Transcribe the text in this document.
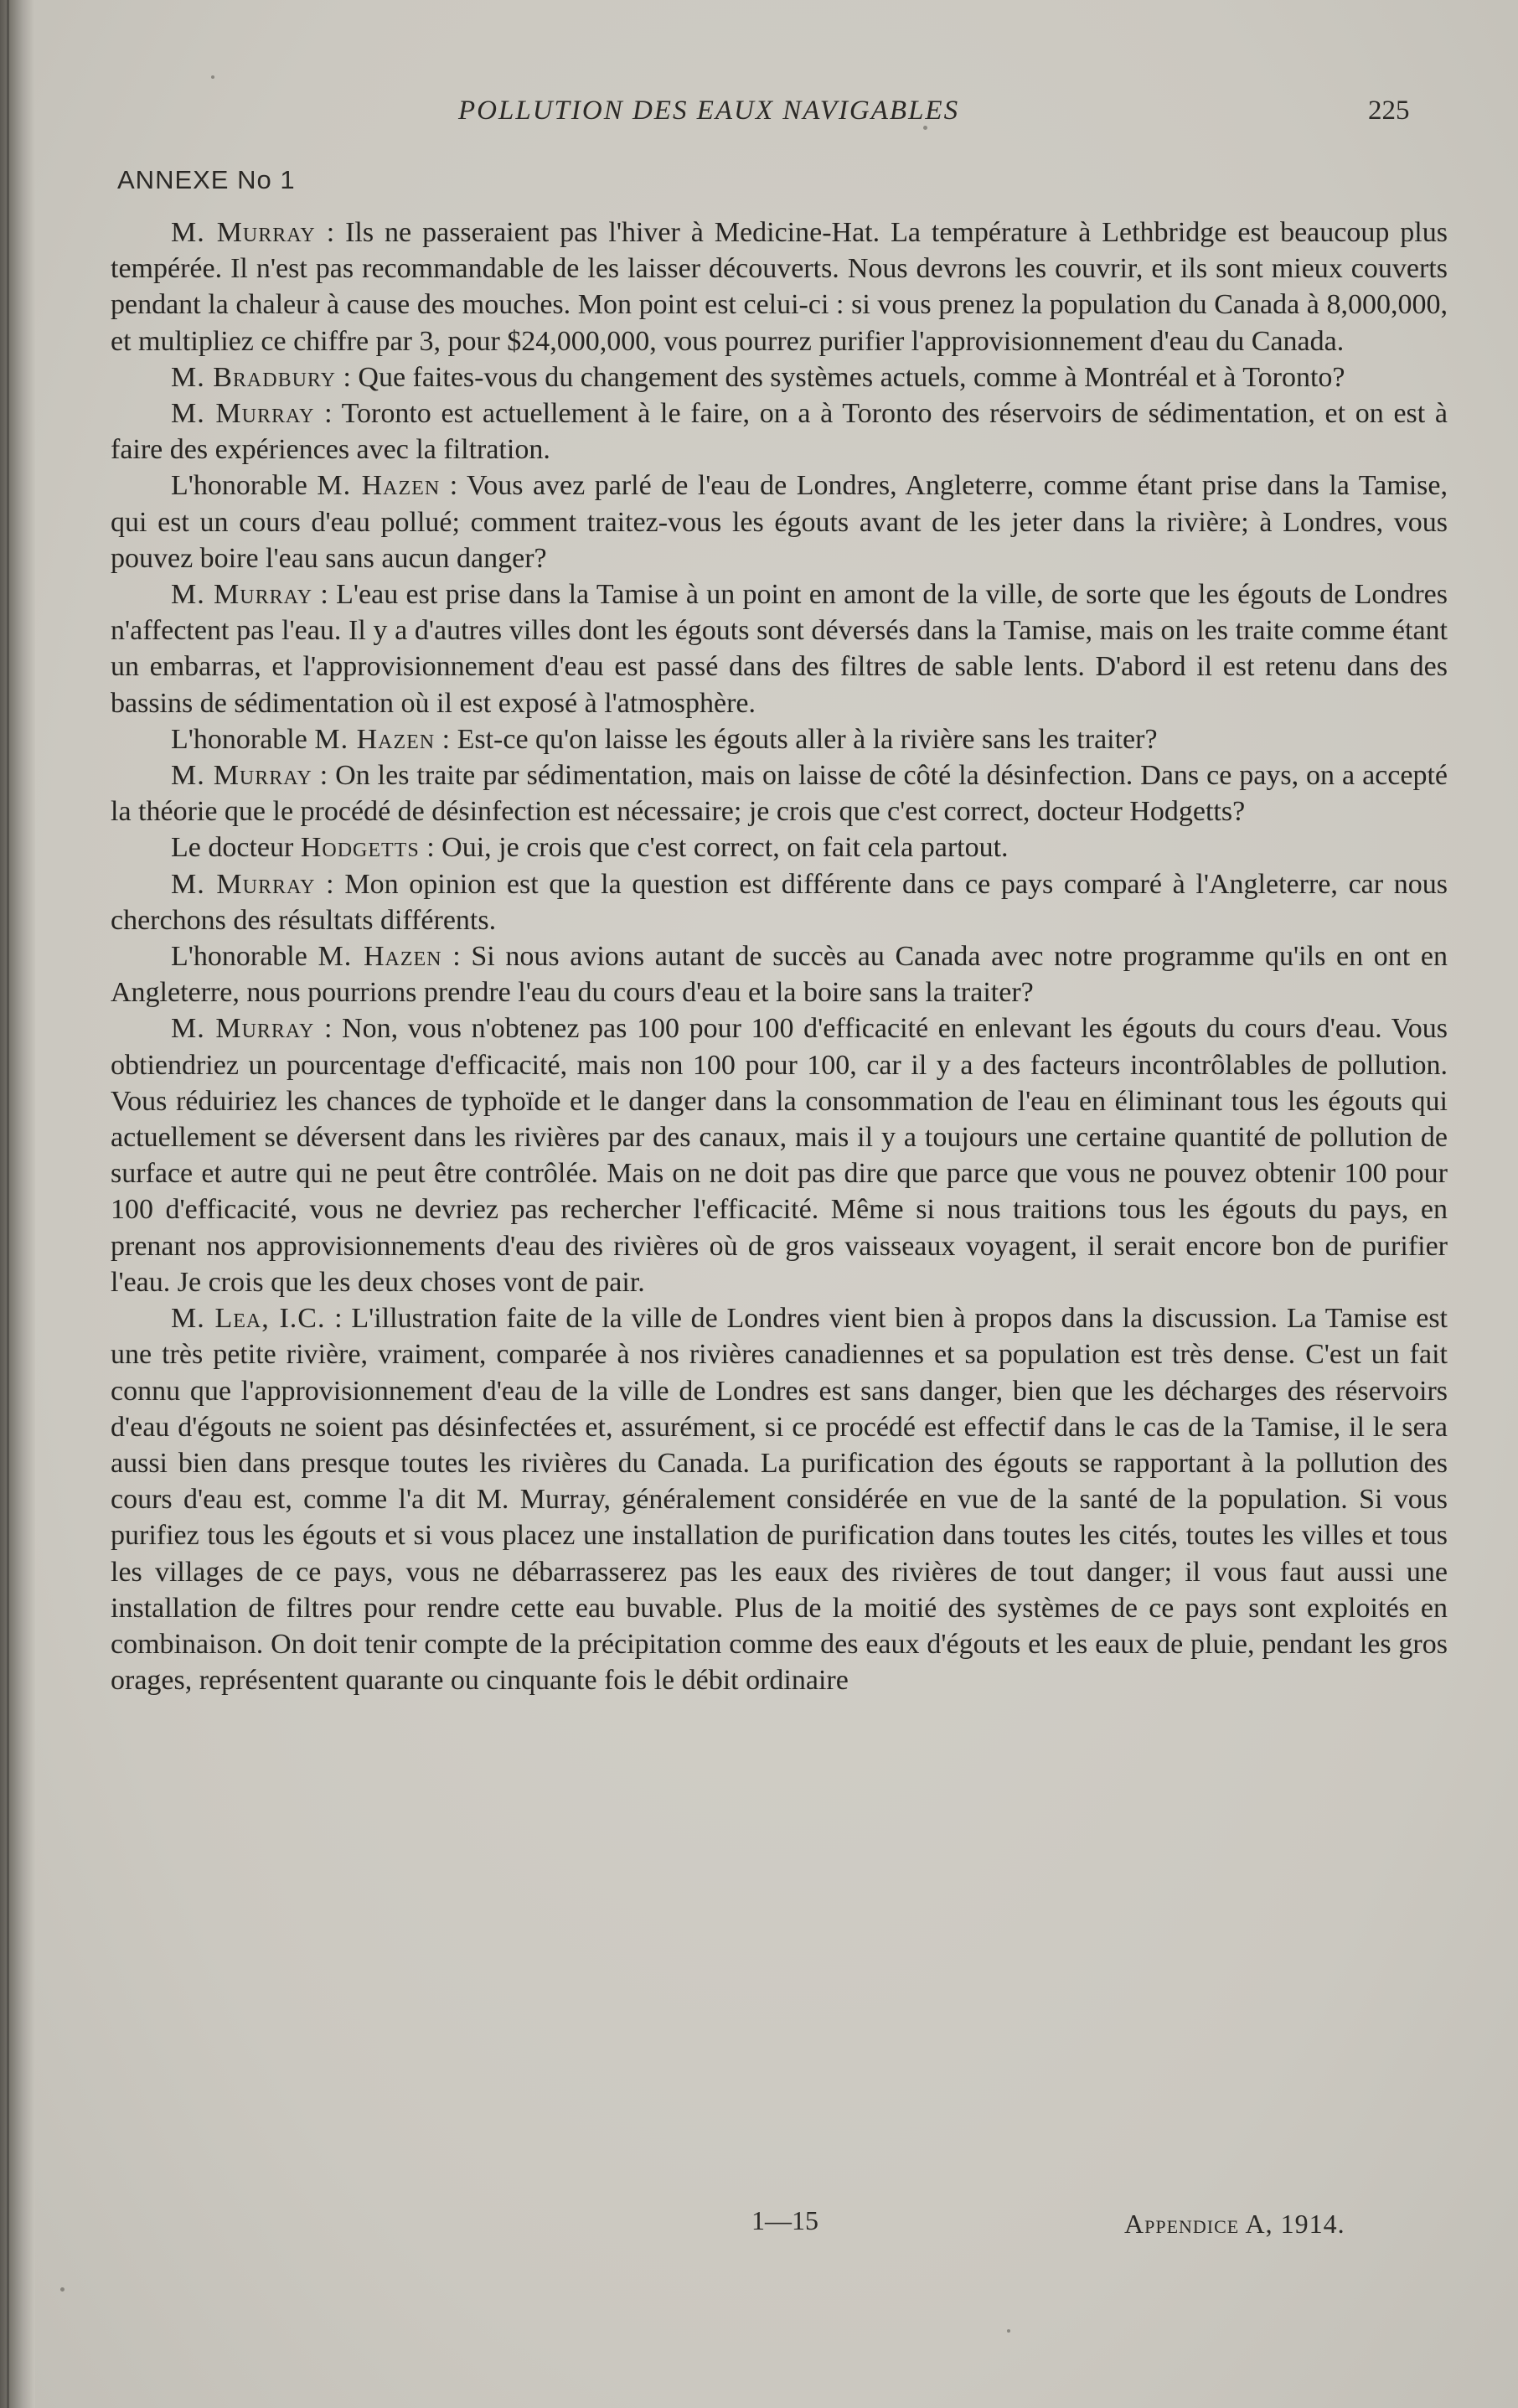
POLLUTION DES EAUX NAVIGABLES	225
ANNEXE No 1

M. Murray : Ils ne passeraient pas l'hiver à Medicine-Hat. La température à Lethbridge est beaucoup plus tempérée. Il n'est pas recommandable de les laisser découverts. Nous devrons les couvrir, et ils sont mieux couverts pendant la chaleur à cause des mouches. Mon point est celui-ci : si vous prenez la population du Canada à 8,000,000, et multipliez ce chiffre par 3, pour $24,000,000, vous pourrez purifier l'approvisionnement d'eau du Canada.

M. Bradbury : Que faites-vous du changement des systèmes actuels, comme à Montréal et à Toronto?

M. Murray : Toronto est actuellement à le faire, on a à Toronto des réservoirs de sédimentation, et on est à faire des expériences avec la filtration.

L'honorable M. Hazen : Vous avez parlé de l'eau de Londres, Angleterre, comme étant prise dans la Tamise, qui est un cours d'eau pollué; comment traitez-vous les égouts avant de les jeter dans la rivière; à Londres, vous pouvez boire l'eau sans aucun danger?

M. Murray : L'eau est prise dans la Tamise à un point en amont de la ville, de sorte que les égouts de Londres n'affectent pas l'eau. Il y a d'autres villes dont les égouts sont déversés dans la Tamise, mais on les traite comme étant un embarras, et l'approvisionnement d'eau est passé dans des filtres de sable lents. D'abord il est retenu dans des bassins de sédimentation où il est exposé à l'atmosphère.

L'honorable M. Hazen : Est-ce qu'on laisse les égouts aller à la rivière sans les traiter?

M. Murray : On les traite par sédimentation, mais on laisse de côté la désinfection. Dans ce pays, on a accepté la théorie que le procédé de désinfection est nécessaire; je crois que c'est correct, docteur Hodgetts?

Le docteur Hodgetts : Oui, je crois que c'est correct, on fait cela partout.

M. Murray : Mon opinion est que la question est différente dans ce pays comparé à l'Angleterre, car nous cherchons des résultats différents.

L'honorable M. Hazen : Si nous avions autant de succès au Canada avec notre programme qu'ils en ont en Angleterre, nous pourrions prendre l'eau du cours d'eau et la boire sans la traiter?

M. Murray : Non, vous n'obtenez pas 100 pour 100 d'efficacité en enlevant les égouts du cours d'eau. Vous obtiendriez un pourcentage d'efficacité, mais non 100 pour 100, car il y a des facteurs incontrôlables de pollution. Vous réduiriez les chances de typhoïde et le danger dans la consommation de l'eau en éliminant tous les égouts qui actuellement se déversent dans les rivières par des canaux, mais il y a toujours une certaine quantité de pollution de surface et autre qui ne peut être contrôlée. Mais on ne doit pas dire que parce que vous ne pouvez obtenir 100 pour 100 d'efficacité, vous ne devriez pas rechercher l'efficacité. Même si nous traitions tous les égouts du pays, en prenant nos approvisionnements d'eau des rivières où de gros vaisseaux voyagent, il serait encore bon de purifier l'eau. Je crois que les deux choses vont de pair.

M. Lea, I.C. : L'illustration faite de la ville de Londres vient bien à propos dans la discussion. La Tamise est une très petite rivière, vraiment, comparée à nos rivières canadiennes et sa population est très dense. C'est un fait connu que l'approvisionnement d'eau de la ville de Londres est sans danger, bien que les décharges des réservoirs d'eau d'égouts ne soient pas désinfectées et, assurément, si ce procédé est effectif dans le cas de la Tamise, il le sera aussi bien dans presque toutes les rivières du Canada. La purification des égouts se rapportant à la pollution des cours d'eau est, comme l'a dit M. Murray, généralement considérée en vue de la santé de la population. Si vous purifiez tous les égouts et si vous placez une installation de purification dans toutes les cités, toutes les villes et tous les villages de ce pays, vous ne débarrasserez pas les eaux des rivières de tout danger; il vous faut aussi une installation de filtres pour rendre cette eau buvable. Plus de la moitié des systèmes de ce pays sont exploités en combinaison. On doit tenir compte de la précipitation comme des eaux d'égouts et les eaux de pluie, pendant les gros orages, représentent quarante ou cinquante fois le débit ordinaire

1—15	Appendice A, 1914.
